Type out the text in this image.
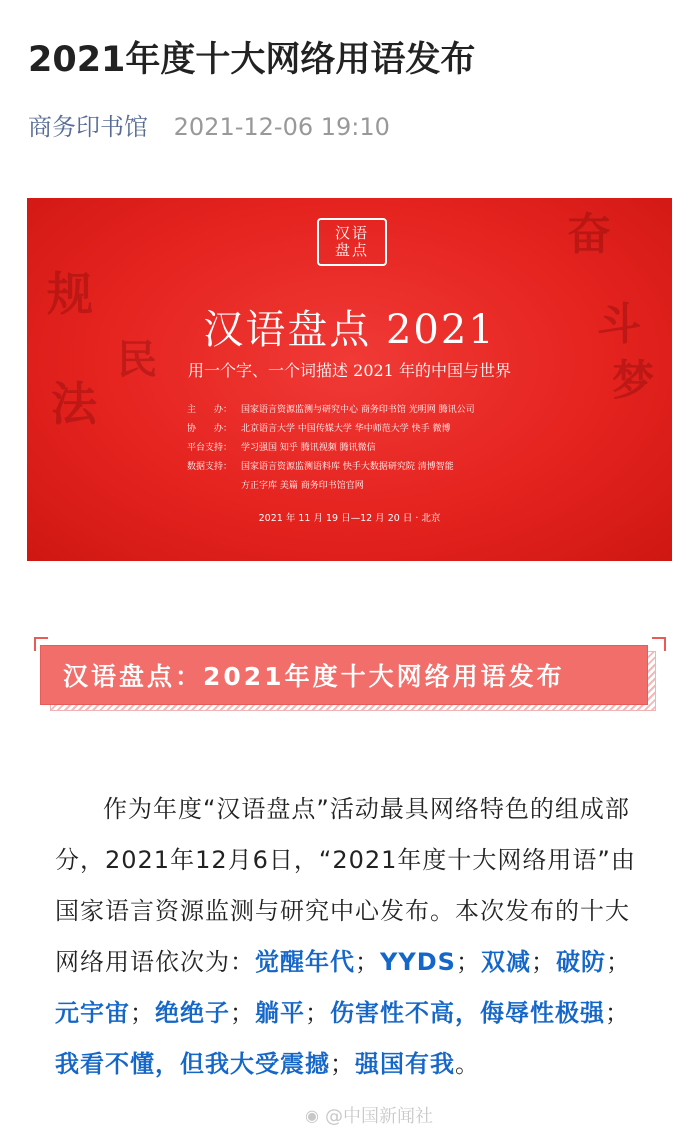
2021年度十大网络用语发布
商务印书馆 2021-12-06 19:10
规
法
民
奋
斗
梦
汉语盘点
汉语盘点 2021
用一个字、一个词描述 2021 年的中国与世界
主　　办： 国家语言资源监测与研究中心 商务印书馆 光明网 腾讯公司
协　　办： 北京语言大学 中国传媒大学 华中师范大学 快手 微博
平台支持： 学习强国 知乎 腾讯视频 腾讯微信
数据支持： 国家语言资源监测语料库 快手大数据研究院 清博智能
方正字库 美篇 商务印书馆官网
2021 年 11 月 19 日—12 月 20 日 · 北京
汉语盘点：2021年度十大网络用语发布

作为年度“汉语盘点”活动最具网络特色的组成部分，2021年12月6日，“2021年度十大网络用语”由国家语言资源监测与研究中心发布。本次发布的十大网络用语依次为：觉醒年代；YYDS；双减；破防；元宇宙；绝绝子；躺平；伤害性不高，侮辱性极强；我看不懂，但我大受震撼；强国有我。

◉ @中国新闻社
